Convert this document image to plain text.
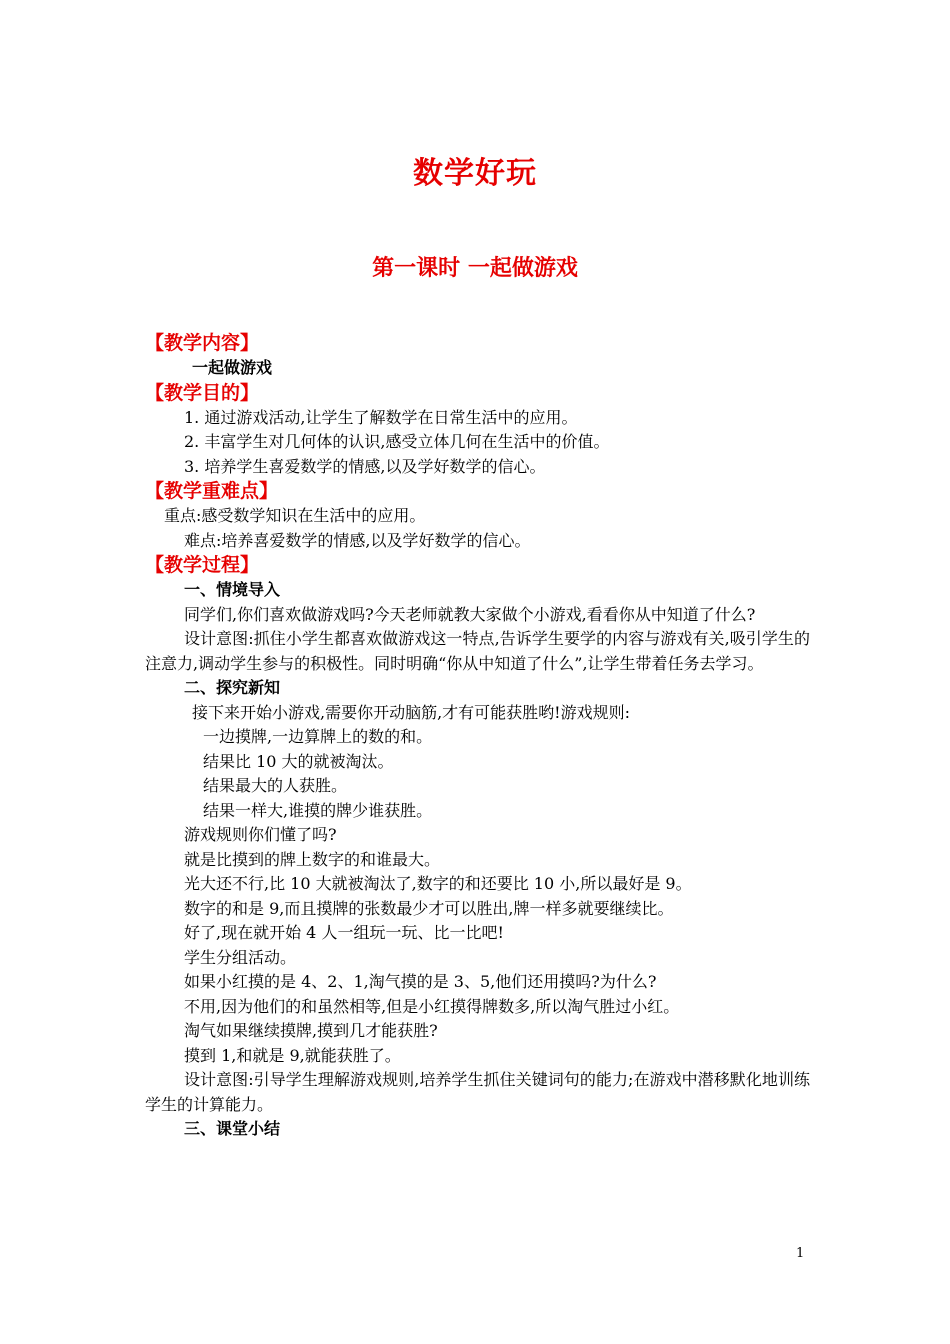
数学好玩
第一课时 一起做游戏
【教学内容】
一起做游戏
【教学目的】
1. 通过游戏活动,让学生了解数学在日常生活中的应用。
2. 丰富学生对几何体的认识,感受立体几何在生活中的价值。
3. 培养学生喜爱数学的情感,以及学好数学的信心。
【教学重难点】
重点:感受数学知识在生活中的应用。
难点:培养喜爱数学的情感,以及学好数学的信心。
【教学过程】
一、情境导入
同学们,你们喜欢做游戏吗?今天老师就教大家做个小游戏,看看你从中知道了什么?
设计意图:抓住小学生都喜欢做游戏这一特点,告诉学生要学的内容与游戏有关,吸引学生的注意力,调动学生参与的积极性。同时明确“你从中知道了什么”,让学生带着任务去学习。
二、探究新知
接下来开始小游戏,需要你开动脑筋,才有可能获胜哟!游戏规则:
一边摸牌,一边算牌上的数的和。
结果比 10 大的就被淘汰。
结果最大的人获胜。
结果一样大,谁摸的牌少谁获胜。
游戏规则你们懂了吗?
就是比摸到的牌上数字的和谁最大。
光大还不行,比 10 大就被淘汰了,数字的和还要比 10 小,所以最好是 9。
数字的和是 9,而且摸牌的张数最少才可以胜出,牌一样多就要继续比。
好了,现在就开始 4 人一组玩一玩、比一比吧!
学生分组活动。
如果小红摸的是 4、2、1,淘气摸的是 3、5,他们还用摸吗?为什么?
不用,因为他们的和虽然相等,但是小红摸得牌数多,所以淘气胜过小红。
淘气如果继续摸牌,摸到几才能获胜?
摸到 1,和就是 9,就能获胜了。
设计意图:引导学生理解游戏规则,培养学生抓住关键词句的能力;在游戏中潜移默化地训练学生的计算能力。
三、课堂小结
1
